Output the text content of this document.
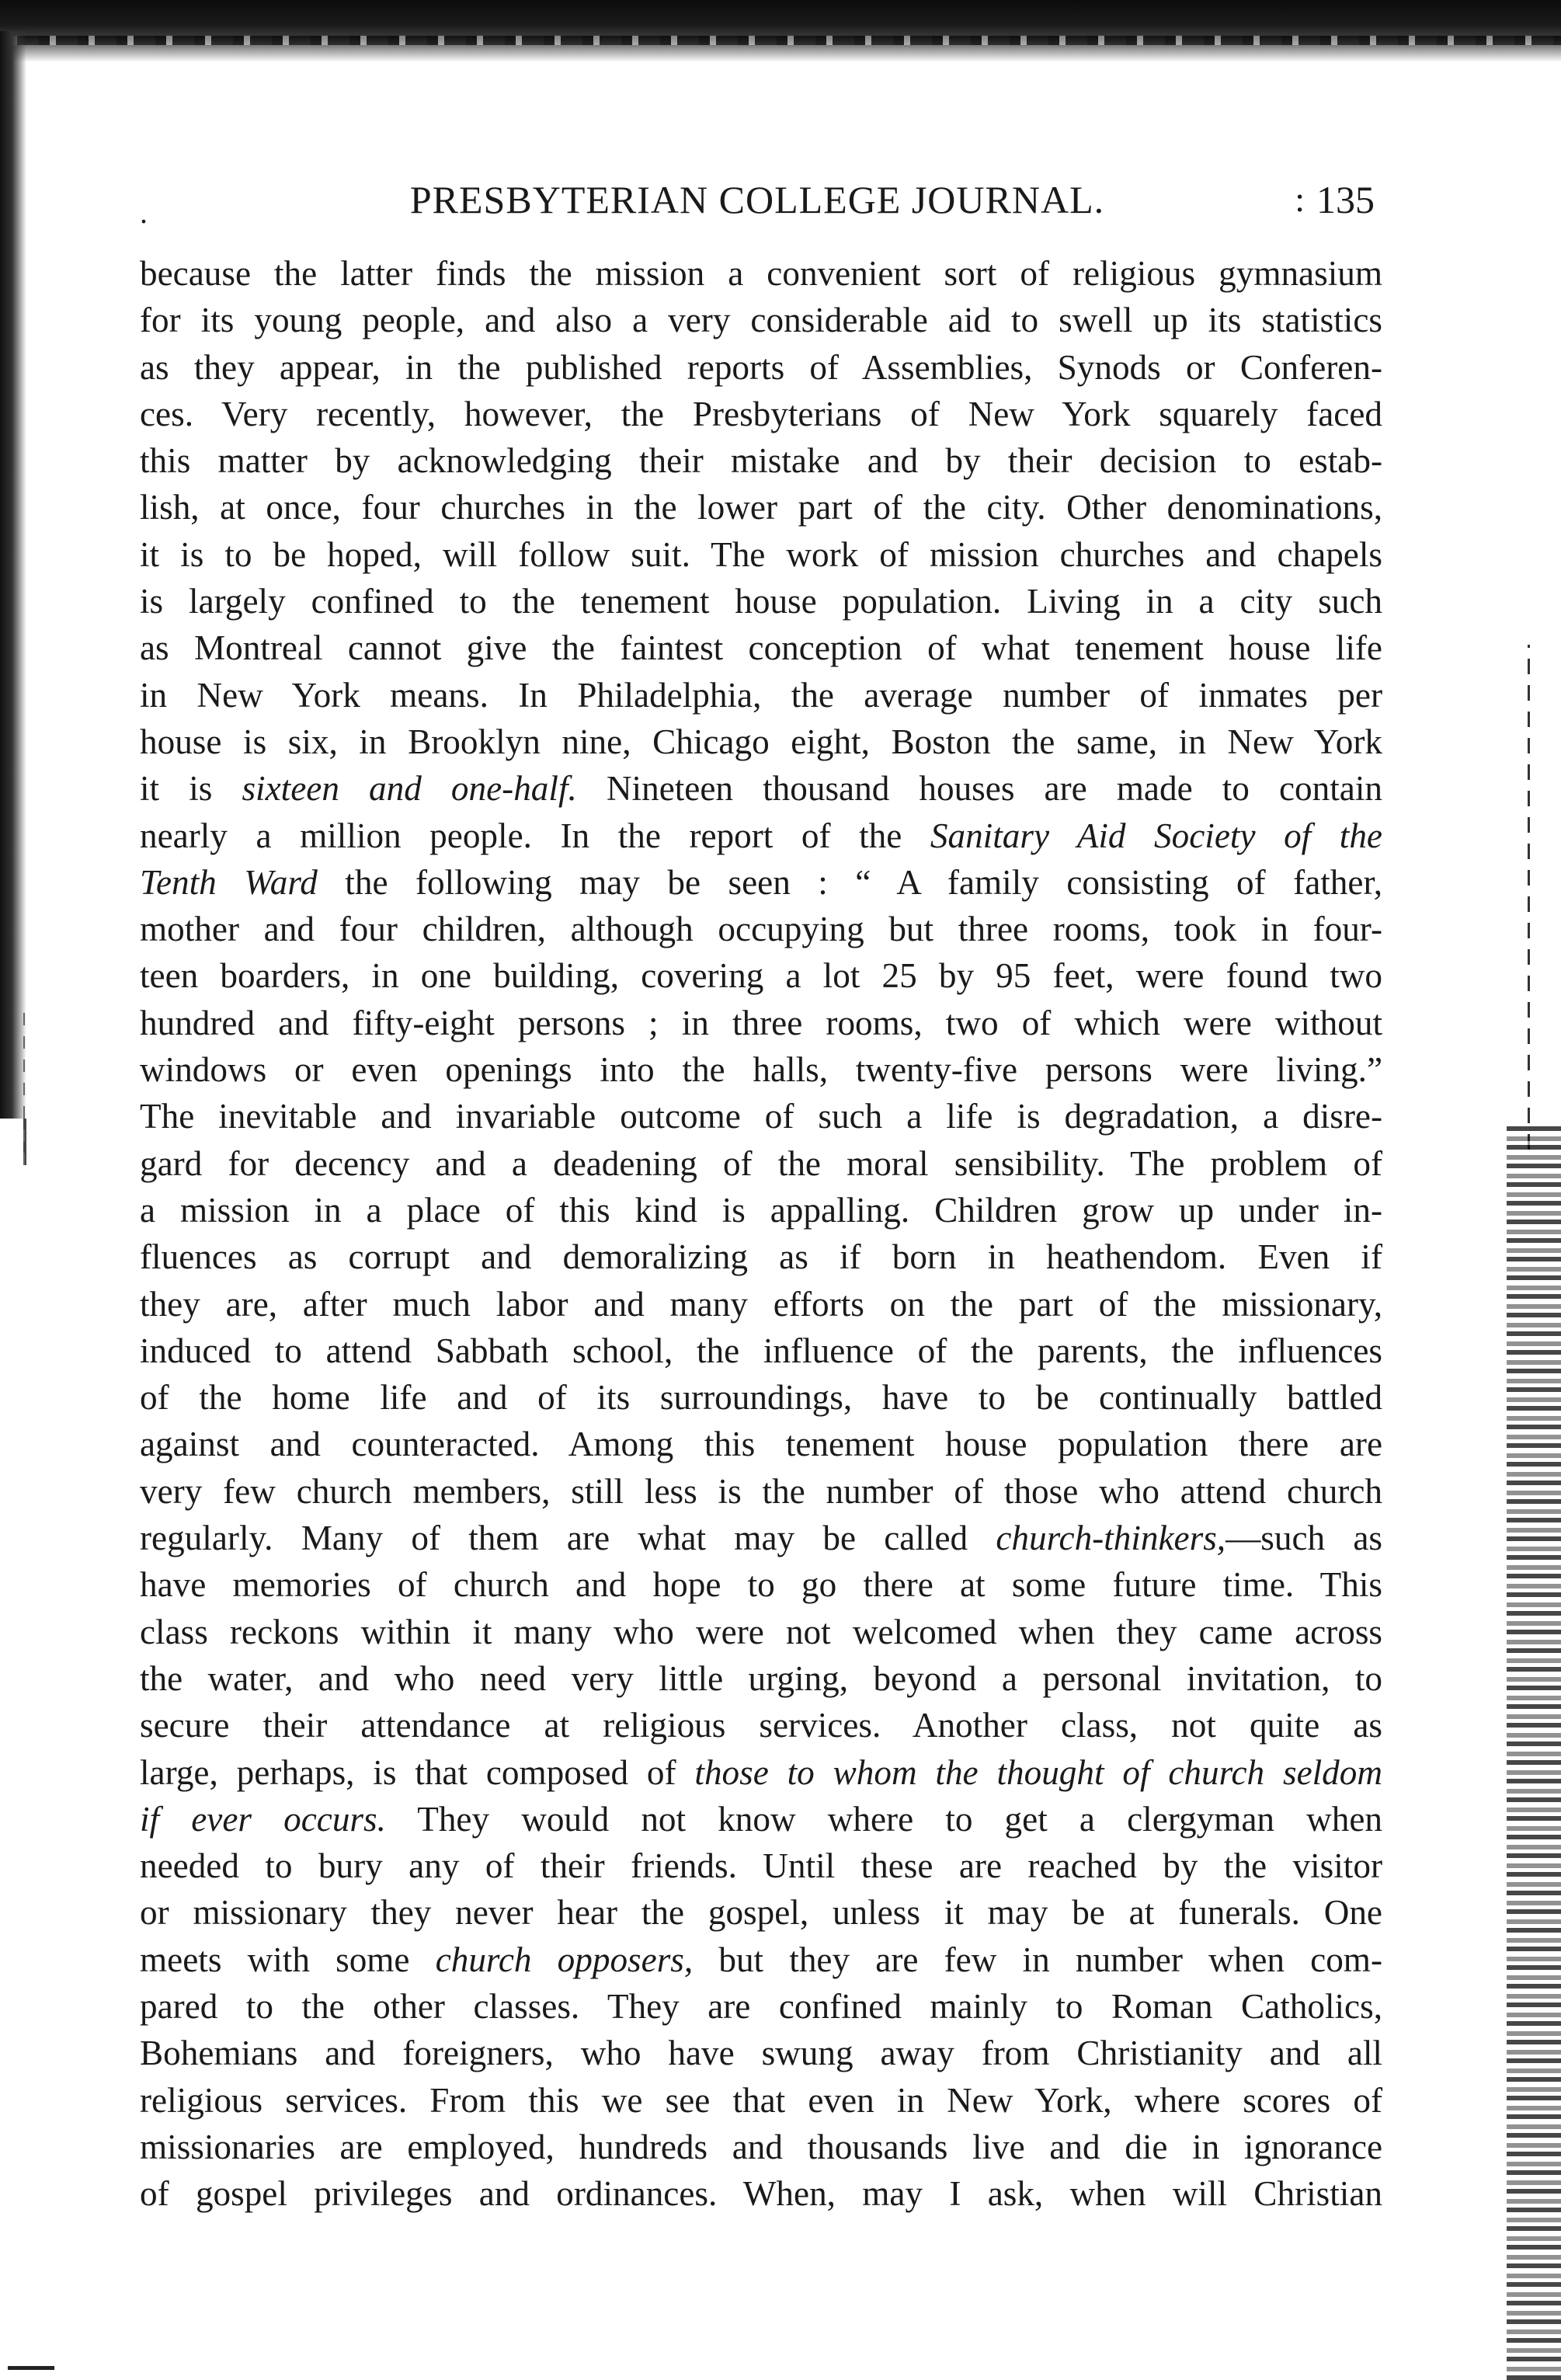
.	PRESBYTERIAN COLLEGE JOURNAL.	: 135
because the latter finds the mission a convenient sort of religious gymnasium
for its young people, and also a very considerable aid to swell up its statistics
as they appear, in the published reports of Assemblies, Synods or Conferen-
ces. Very recently, however, the Presbyterians of New York squarely faced
this matter by acknowledging their mistake and by their decision to estab-
lish, at once, four churches in the lower part of the city. Other denominations,
it is to be hoped, will follow suit. The work of mission churches and chapels
is largely confined to the tenement house population. Living in a city such
as Montreal cannot give the faintest conception of what tenement house life
in New York means. In Philadelphia, the average number of inmates per
house is six, in Brooklyn nine, Chicago eight, Boston the same, in New York
it is sixteen and one-half. Nineteen thousand houses are made to contain
nearly a million people. In the report of the Sanitary Aid Society of the
Tenth Ward the following may be seen : “ A family consisting of father,
mother and four children, although occupying but three rooms, took in four-
teen boarders, in one building, covering a lot 25 by 95 feet, were found two
hundred and fifty-eight persons ; in three rooms, two of which were without
windows or even openings into the halls, twenty-five persons were living.”
The inevitable and invariable outcome of such a life is degradation, a disre-
gard for decency and a deadening of the moral sensibility. The problem of
a mission in a place of this kind is appalling. Children grow up under in-
fluences as corrupt and demoralizing as if born in heathendom. Even if
they are, after much labor and many efforts on the part of the missionary,
induced to attend Sabbath school, the influence of the parents, the influences
of the home life and of its surroundings, have to be continually battled
against and counteracted. Among this tenement house population there are
very few church members, still less is the number of those who attend church
regularly. Many of them are what may be called church-thinkers,—such as
have memories of church and hope to go there at some future time. This
class reckons within it many who were not welcomed when they came across
the water, and who need very little urging, beyond a personal invitation, to
secure their attendance at religious services. Another class, not quite as
large, perhaps, is that composed of those to whom the thought of church seldom
if ever occurs. They would not know where to get a clergyman when
needed to bury any of their friends. Until these are reached by the visitor
or missionary they never hear the gospel, unless it may be at funerals. One
meets with some church opposers, but they are few in number when com-
pared to the other classes. They are confined mainly to Roman Catholics,
Bohemians and foreigners, who have swung away from Christianity and all
religious services. From this we see that even in New York, where scores of
missionaries are employed, hundreds and thousands live and die in ignorance
of gospel privileges and ordinances. When, may I ask, when will Christian
